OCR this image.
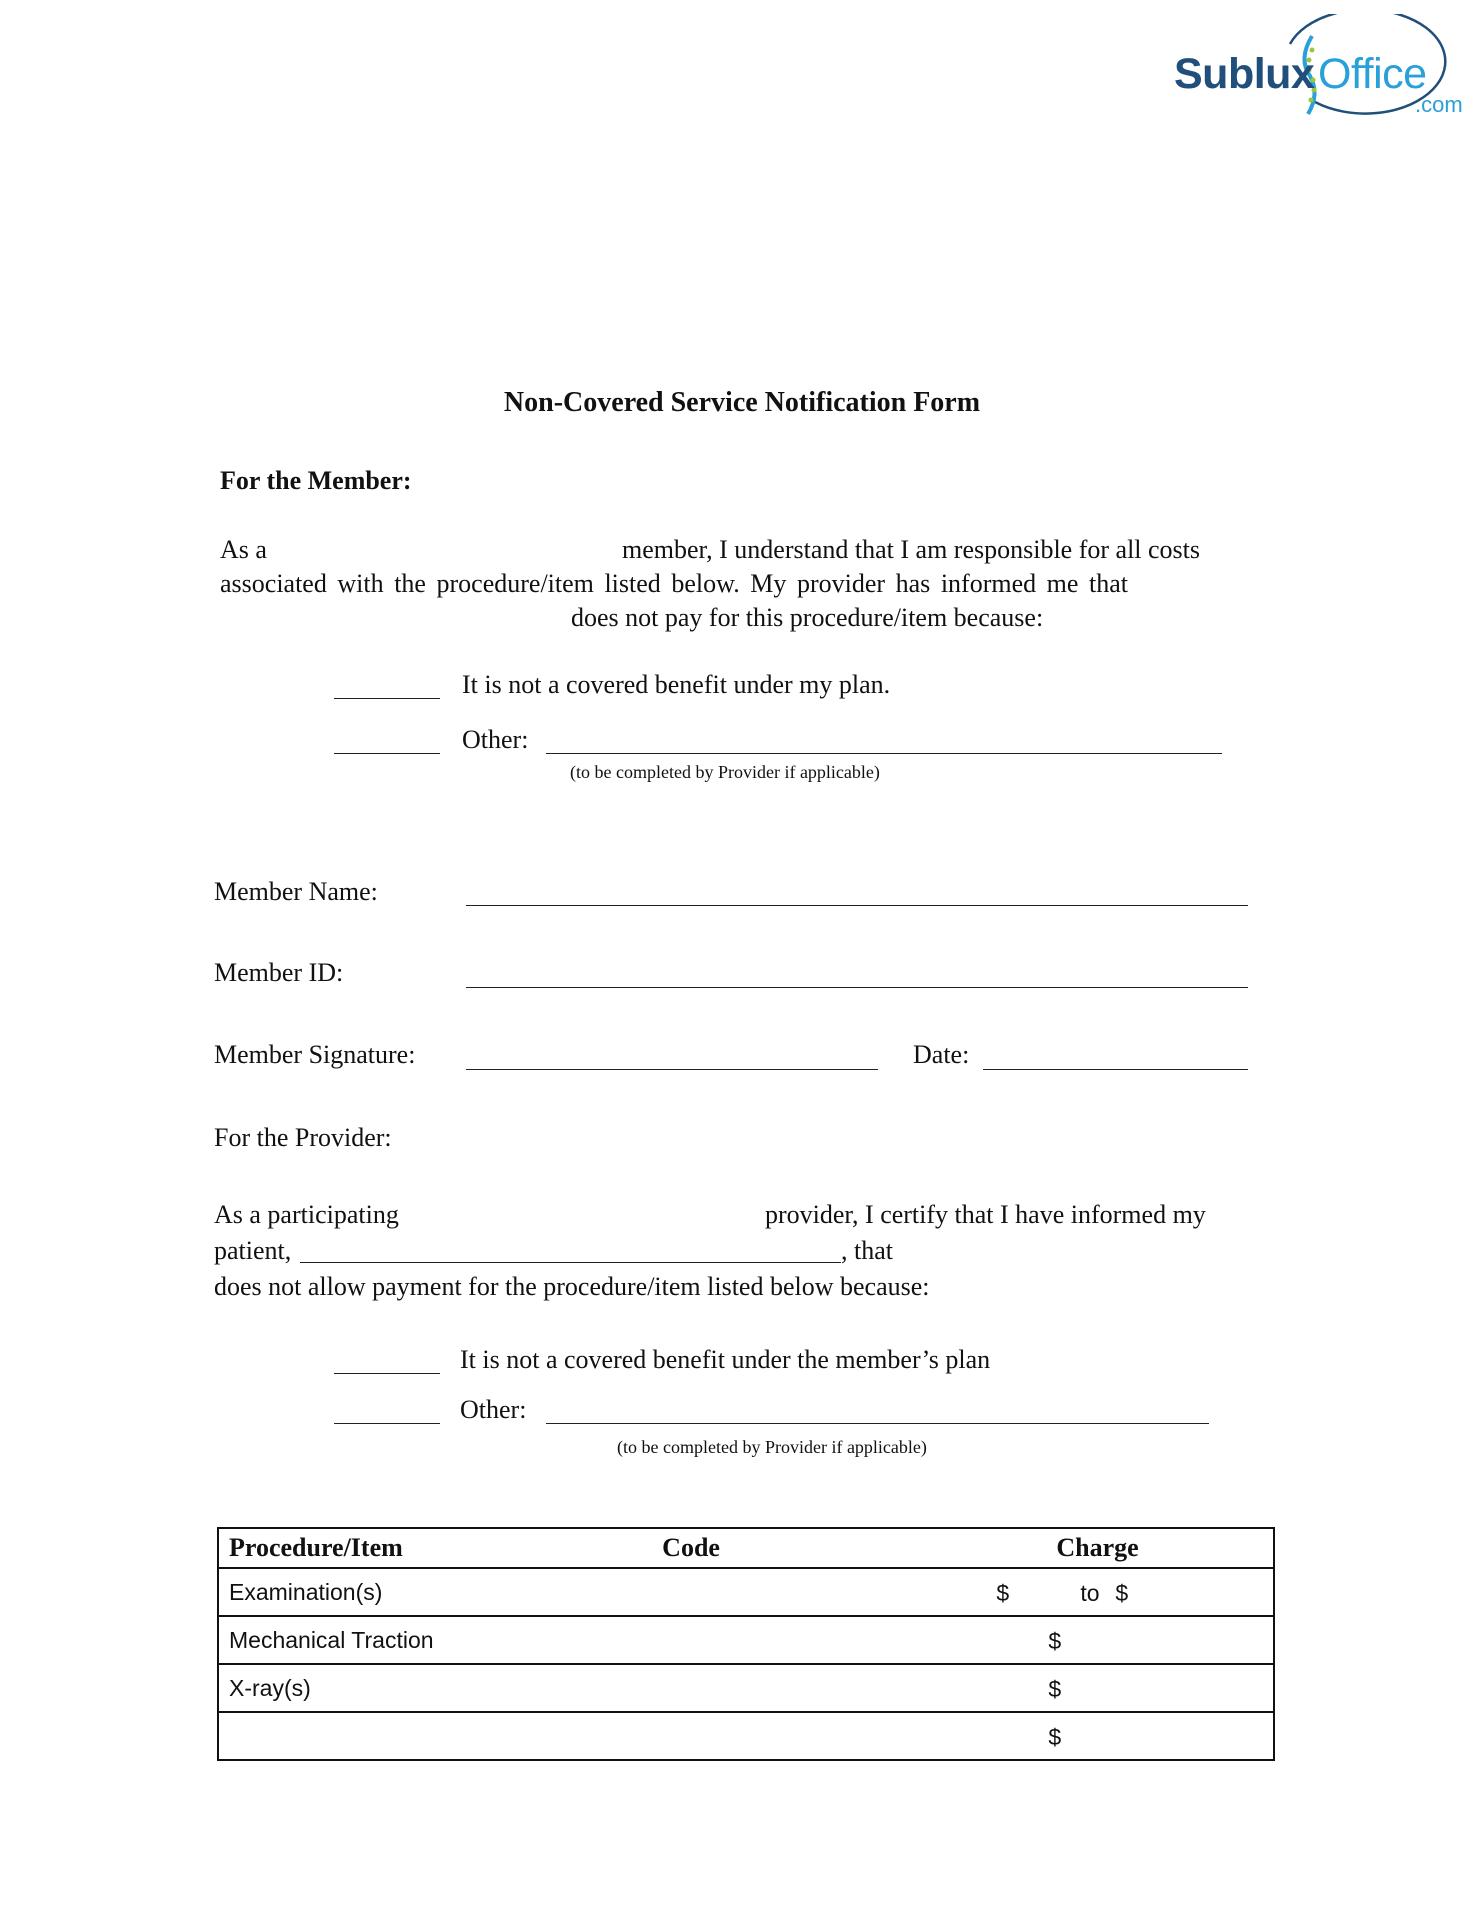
Sublux Office
.com
Non-Covered Service Notification Form
For the Member:
As a	member, I understand that I am responsible for all costs
associated with the procedure/item listed below. My provider has informed me that
does not pay for this procedure/item because:
It is not a covered benefit under my plan.
Other:
(to be completed by Provider if applicable)
Member Name:
Member ID:
Member Signature:	Date:
For the Provider:
As a participating	provider, I certify that I have informed my
patient,	, that
does not allow payment for the procedure/item listed below because:
It is not a covered benefit under the member’s plan
Other:
(to be completed by Provider if applicable)
Procedure/Item	Code	Charge
Examination(s)		$ to $

Mechanical Traction		$

X-ray(s)		$

		$
